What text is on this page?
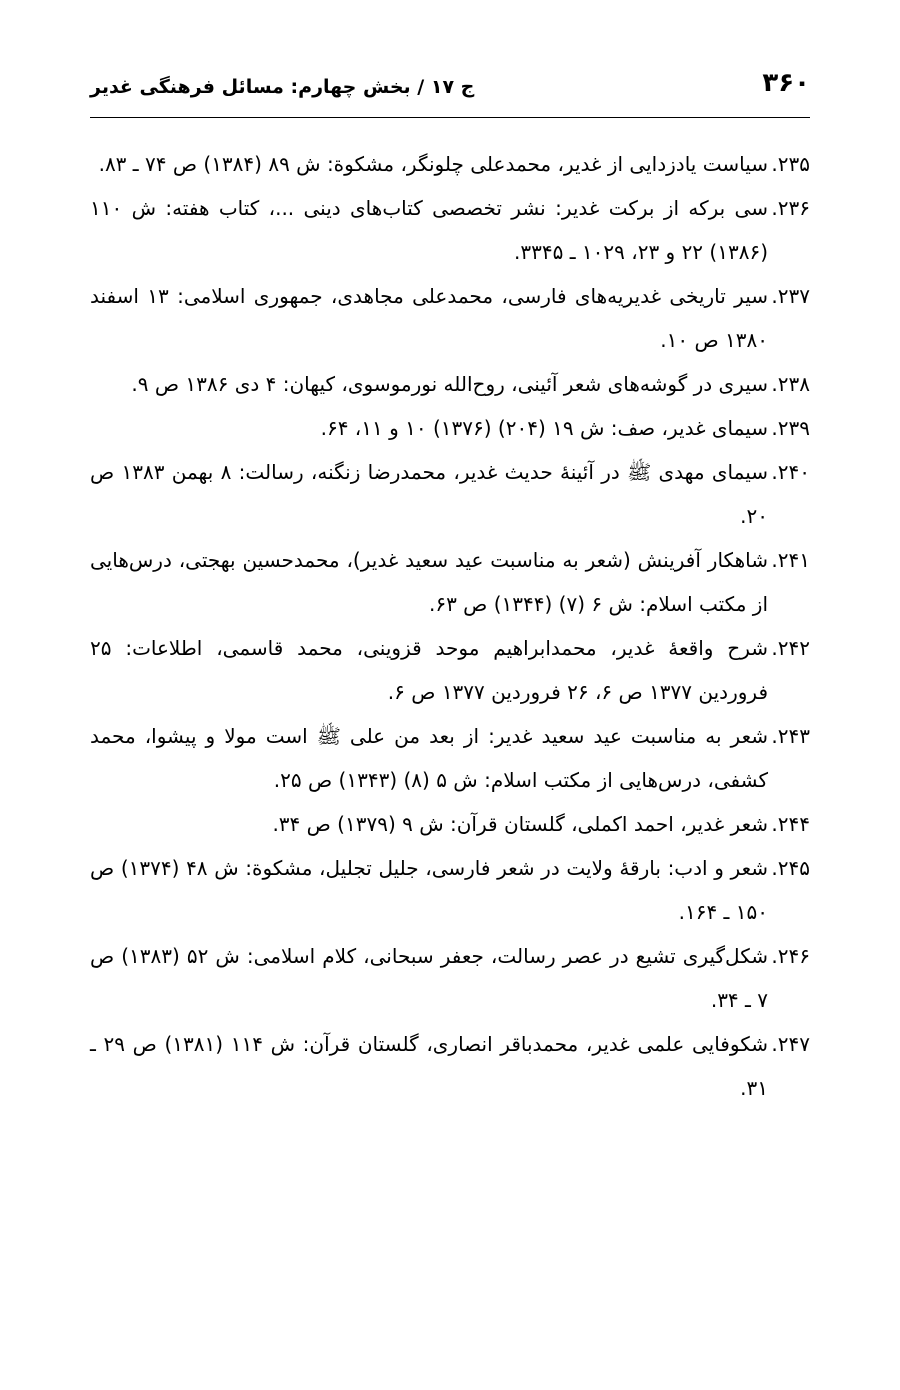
۳۶۰
ج ۱۷ / بخش چهارم: مسائل فرهنگی غدیر

۲۳۵.سیاست یادزدایی از غدیر، محمدعلی چلونگر، مشکوة: ش ۸۹ (۱۳۸۴) ص ۷۴ ـ ۸۳.

۲۳۶.سی برکه از برکت غدیر: نشر تخصصی کتاب‌های دینی ...، کتاب هفته: ش ۱۱۰ (۱۳۸۶) ۲۲ و ۲۳، ۱۰۲۹ ـ ۳۳۴۵.

۲۳۷.سیر تاریخی غدیریه‌های فارسی، محمدعلی مجاهدی، جمهوری اسلامی: ۱۳ اسفند ۱۳۸۰ ص ۱۰.

۲۳۸.سیری در گوشه‌های شعر آئینی، روح‌الله نورموسوی، کیهان: ۴ دی ۱۳۸۶ ص ۹.

۲۳۹.سیمای غدیر، صف: ش ۱۹ (۲۰۴) (۱۳۷۶) ۱۰ و ۱۱، ۶۴.

۲۴۰.سیمای مهدی ﷺ در آئینهٔ حدیث غدیر، محمدرضا زنگنه، رسالت: ۸ بهمن ۱۳۸۳ ص ۲۰.

۲۴۱.شاهکار آفرینش (شعر به مناسبت عید سعید غدیر)، محمدحسین بهجتی، درس‌هایی از مکتب اسلام: ش ۶ (۷) (۱۳۴۴) ص ۶۳.

۲۴۲.شرح واقعهٔ غدیر، محمدابراهیم موحد قزوینی، محمد قاسمی، اطلاعات: ۲۵ فروردین ۱۳۷۷ ص ۶، ۲۶ فروردین ۱۳۷۷ ص ۶.

۲۴۳.شعر به مناسبت عید سعید غدیر: از بعد من علی ﷺ است مولا و پیشوا، محمد کشفی، درس‌هایی از مکتب اسلام: ش ۵ (۸) (۱۳۴۳) ص ۲۵.

۲۴۴.شعر غدیر، احمد اکملی، گلستان قرآن: ش ۹ (۱۳۷۹) ص ۳۴.

۲۴۵.شعر و ادب: بارقهٔ ولایت در شعر فارسی، جلیل تجلیل، مشکوة: ش ۴۸ (۱۳۷۴) ص ۱۵۰ ـ ۱۶۴.

۲۴۶.شکل‌گیری تشیع در عصر رسالت، جعفر سبحانی، کلام اسلامی: ش ۵۲ (۱۳۸۳) ص ۷ ـ ۳۴.

۲۴۷.شکوفایی علمی غدیر، محمدباقر انصاری، گلستان قرآن: ش ۱۱۴ (۱۳۸۱) ص ۲۹ ـ ۳۱.
